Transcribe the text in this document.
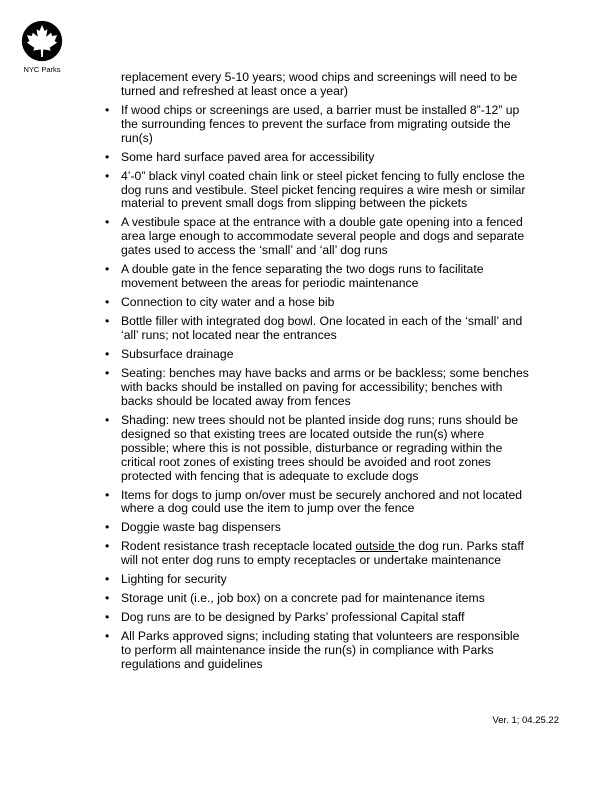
NYC Parks

replacement every 5-10 years; wood chips and screenings will need to be turned and refreshed at least once a year)

• If wood chips or screenings are used, a barrier must be installed 8”-12” up the surrounding fences to prevent the surface from migrating outside the run(s)
• Some hard surface paved area for accessibility
• 4’-0” black vinyl coated chain link or steel picket fencing to fully enclose the dog runs and vestibule. Steel picket fencing requires a wire mesh or similar material to prevent small dogs from slipping between the pickets
• A vestibule space at the entrance with a double gate opening into a fenced area large enough to accommodate several people and dogs and separate gates used to access the ‘small’ and ‘all’ dog runs
• A double gate in the fence separating the two dogs runs to facilitate movement between the areas for periodic maintenance
• Connection to city water and a hose bib
• Bottle filler with integrated dog bowl. One located in each of the ‘small’ and ‘all’ runs; not located near the entrances
• Subsurface drainage
• Seating: benches may have backs and arms or be backless; some benches with backs should be installed on paving for accessibility; benches with backs should be located away from fences
• Shading: new trees should not be planted inside dog runs; runs should be designed so that existing trees are located outside the run(s) where possible; where this is not possible, disturbance or regrading within the critical root zones of existing trees should be avoided and root zones protected with fencing that is adequate to exclude dogs
• Items for dogs to jump on/over must be securely anchored and not located where a dog could use the item to jump over the fence
• Doggie waste bag dispensers
• Rodent resistance trash receptacle located outside the dog run. Parks staff will not enter dog runs to empty receptacles or undertake maintenance
• Lighting for security
• Storage unit (i.e., job box) on a concrete pad for maintenance items
• Dog runs are to be designed by Parks’ professional Capital staff
• All Parks approved signs; including stating that volunteers are responsible to perform all maintenance inside the run(s) in compliance with Parks regulations and guidelines
Ver. 1; 04.25.22
